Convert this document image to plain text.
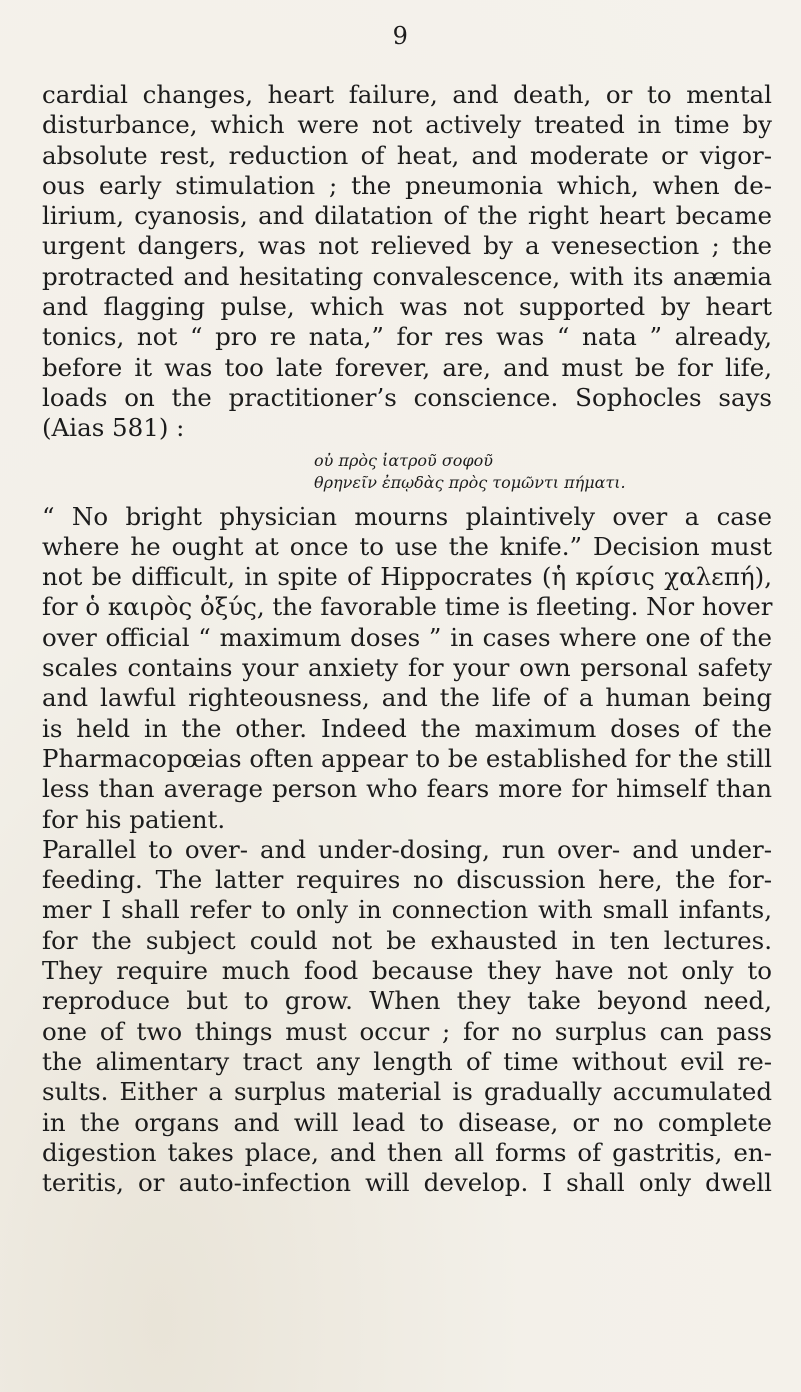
9
cardial changes, heart failure, and death, or to mental
disturbance, which were not actively treated in time by
absolute rest, reduction of heat, and moderate or vigor-
ous early stimulation ; the pneumonia which, when de-
lirium, cyanosis, and dilatation of the right heart became
urgent dangers, was not relieved by a venesection ; the
protracted and hesitating convalescence, with its anæmia
and flagging pulse, which was not supported by heart
tonics, not “ pro re nata,” for res was “ nata ” already,
before it was too late forever, are, and must be for life,
loads on the practitioner’s conscience. Sophocles says
(Aias 581) :
οὐ πρὸς ἰατροῦ σοφοῦ
θρηνεῖν ἐπῳδὰς πρὸς τομῶντι πήματι.
“ No bright physician mourns plaintively over a case
where he ought at once to use the knife.” Decision must
not be difficult, in spite of Hippocrates (ἡ κρίσις χαλεπή),
for ὁ καιρὸς ὀξύς, the favorable time is fleeting. Nor hover
over official “ maximum doses ” in cases where one of the
scales contains your anxiety for your own personal safety
and lawful righteousness, and the life of a human being
is held in the other. Indeed the maximum doses of the
Pharmacopœias often appear to be established for the still
less than average person who fears more for himself than
for his patient.
Parallel to over- and under-dosing, run over- and under-
feeding. The latter requires no discussion here, the for-
mer I shall refer to only in connection with small infants,
for the subject could not be exhausted in ten lectures.
They require much food because they have not only to
reproduce but to grow. When they take beyond need,
one of two things must occur ; for no surplus can pass
the alimentary tract any length of time without evil re-
sults. Either a surplus material is gradually accumulated
in the organs and will lead to disease, or no complete
digestion takes place, and then all forms of gastritis, en-
teritis, or auto-infection will develop. I shall only dwell
